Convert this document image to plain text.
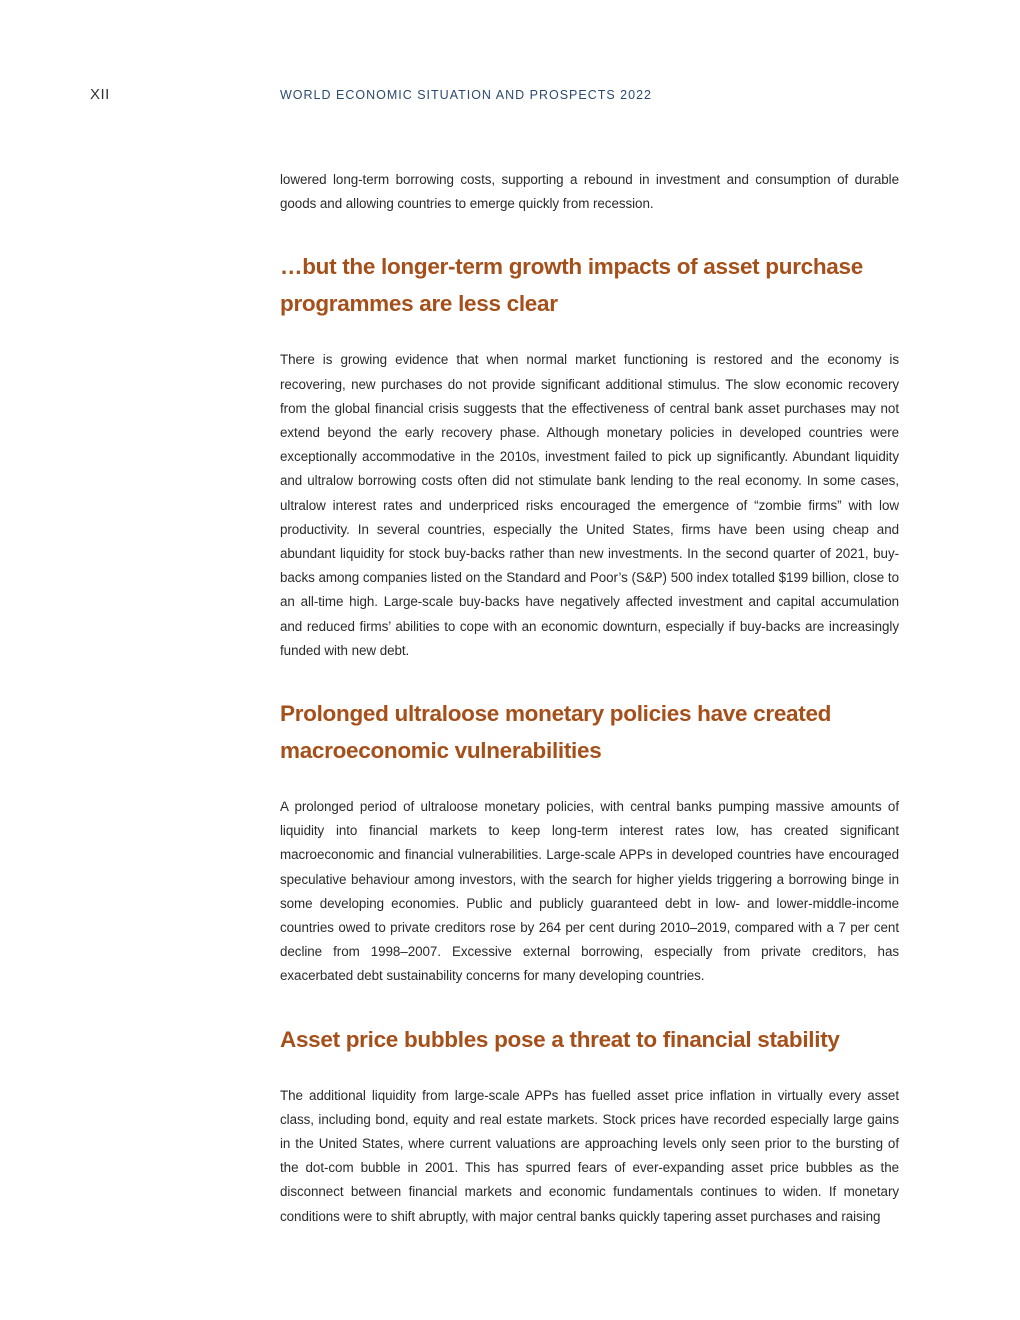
XII	WORLD ECONOMIC SITUATION AND PROSPECTS 2022

lowered long-term borrowing costs, supporting a rebound in investment and consumption of durable goods and allowing countries to emerge quickly from recession.

…but the longer-term growth impacts of asset purchase programmes are less clear

There is growing evidence that when normal market functioning is restored and the economy is recovering, new purchases do not provide significant additional stimulus. The slow economic recovery from the global financial crisis suggests that the effectiveness of central bank asset purchases may not extend beyond the early recovery phase. Although monetary policies in developed countries were exceptionally accommodative in the 2010s, investment failed to pick up significantly. Abundant liquidity and ultralow borrowing costs often did not stimulate bank lending to the real economy. In some cases, ultralow interest rates and underpriced risks encouraged the emergence of “zombie firms” with low productivity. In several countries, especially the United States, firms have been using cheap and abundant liquidity for stock buy-backs rather than new investments. In the second quarter of 2021, buy-backs among companies listed on the Standard and Poor’s (S&P) 500 index totalled $199 billion, close to an all-time high. Large-scale buy-backs have negatively affected investment and capital accumulation and reduced firms’ abilities to cope with an economic downturn, especially if buy-backs are increasingly funded with new debt.

Prolonged ultraloose monetary policies have created macroeconomic vulnerabilities

A prolonged period of ultraloose monetary policies, with central banks pumping massive amounts of liquidity into financial markets to keep long-term interest rates low, has created significant macroeconomic and financial vulnerabilities. Large-scale APPs in developed countries have encouraged speculative behaviour among investors, with the search for higher yields triggering a borrowing binge in some developing economies. Public and publicly guaranteed debt in low- and lower-middle-income countries owed to private creditors rose by 264 per cent during 2010–2019, compared with a 7 per cent decline from 1998–2007. Excessive external borrowing, especially from private creditors, has exacerbated debt sustainability concerns for many developing countries.

Asset price bubbles pose a threat to financial stability

The additional liquidity from large-scale APPs has fuelled asset price inflation in virtually every asset class, including bond, equity and real estate markets. Stock prices have recorded especially large gains in the United States, where current valuations are approaching levels only seen prior to the bursting of the dot-com bubble in 2001. This has spurred fears of ever-expanding asset price bubbles as the disconnect between financial markets and economic fundamentals continues to widen. If monetary conditions were to shift abruptly, with major central banks quickly tapering asset purchases and raising
